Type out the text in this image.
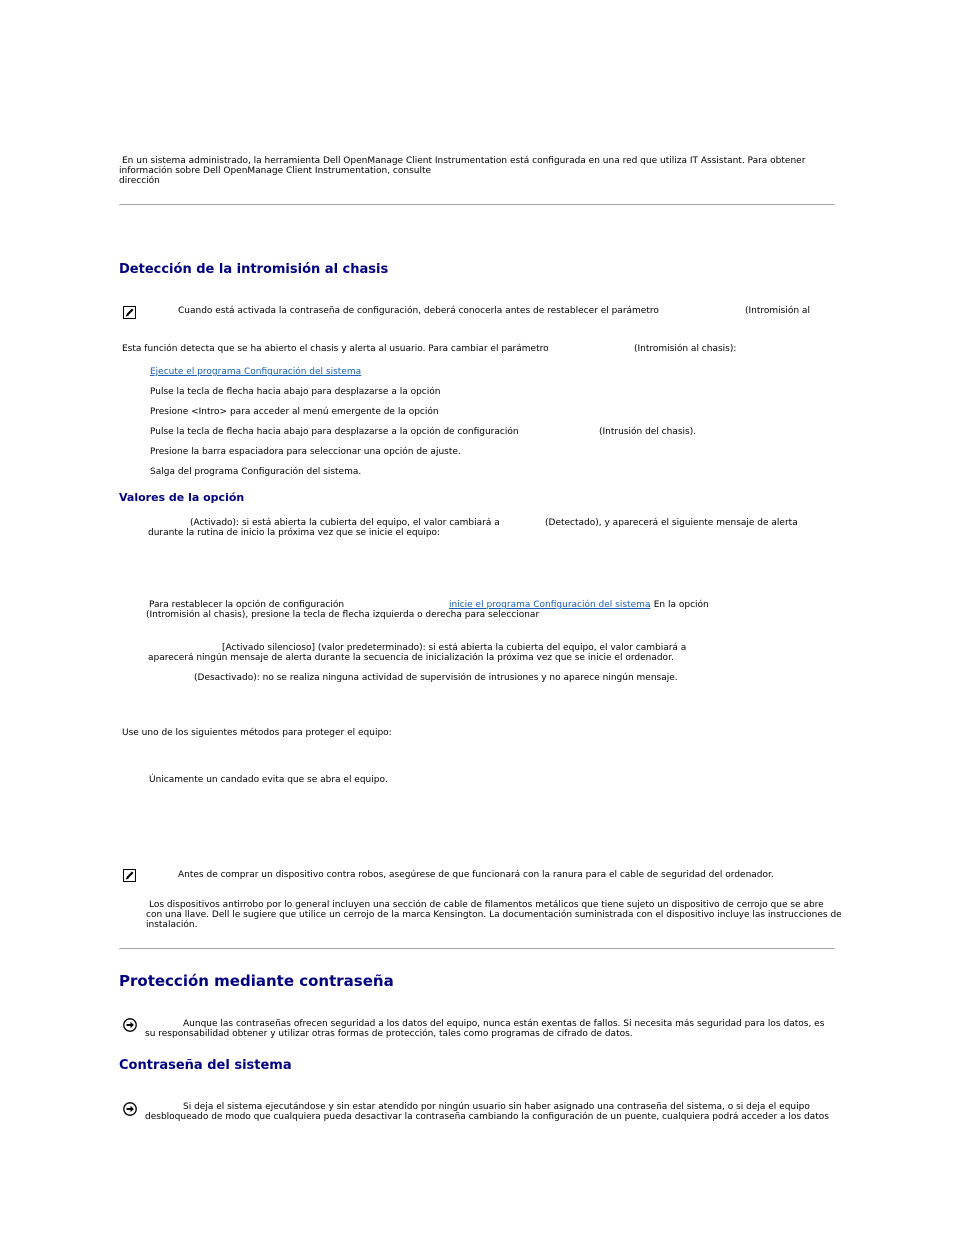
En un sistema administrado, la herramienta Dell OpenManage Client Instrumentation está configurada en una red que utiliza IT Assistant. Para obtener
información sobre Dell OpenManage Client Instrumentation, consulte
dirección
Detección de la intromisión al chasis
Cuando está activada la contraseña de configuración, deberá conocerla antes de restablecer el parámetro	(Intromisión al
Esta función detecta que se ha abierto el chasis y alerta al usuario. Para cambiar el parámetro	(Intromisión al chasis):
Ejecute el programa Configuración del sistema
Pulse la tecla de flecha hacia abajo para desplazarse a la opción
Presione <Intro> para acceder al menú emergente de la opción
Pulse la tecla de flecha hacia abajo para desplazarse a la opción de configuración	(Intrusión del chasis).
Presione la barra espaciadora para seleccionar una opción de ajuste.
Salga del programa Configuración del sistema.
Valores de la opción
(Activado): si está abierta la cubierta del equipo, el valor cambiará a	(Detectado), y aparecerá el siguiente mensaje de alerta
durante la rutina de inicio la próxima vez que se inicie el equipo:
Para restablecer la opción de configuración	inicie el programa Configuración del sistema
. En la opción
(Intromisión al chasis), presione la tecla de flecha izquierda o derecha para seleccionar
[Activado silencioso] (valor predeterminado): si está abierta la cubierta del equipo, el valor cambiará a
aparecerá ningún mensaje de alerta durante la secuencia de inicialización la próxima vez que se inicie el ordenador.
(Desactivado): no se realiza ninguna actividad de supervisión de intrusiones y no aparece ningún mensaje.
Use uno de los siguientes métodos para proteger el equipo:
Únicamente un candado evita que se abra el equipo.
Antes de comprar un dispositivo contra robos, asegúrese de que funcionará con la ranura para el cable de seguridad del ordenador.
Los dispositivos antirrobo por lo general incluyen una sección de cable de filamentos metálicos que tiene sujeto un dispositivo de cerrojo que se abre
con una llave. Dell le sugiere que utilice un cerrojo de la marca Kensington. La documentación suministrada con el dispositivo incluye las instrucciones de
instalación.
Protección mediante contraseña
Aunque las contraseñas ofrecen seguridad a los datos del equipo, nunca están exentas de fallos. Si necesita más seguridad para los datos, es
su responsabilidad obtener y utilizar otras formas de protección, tales como programas de cifrado de datos.
Contraseña del sistema
Si deja el sistema ejecutándose y sin estar atendido por ningún usuario sin haber asignado una contraseña del sistema, o si deja el equipo
desbloqueado de modo que cualquiera pueda desactivar la contraseña cambiando la configuración de un puente, cualquiera podrá acceder a los datos
